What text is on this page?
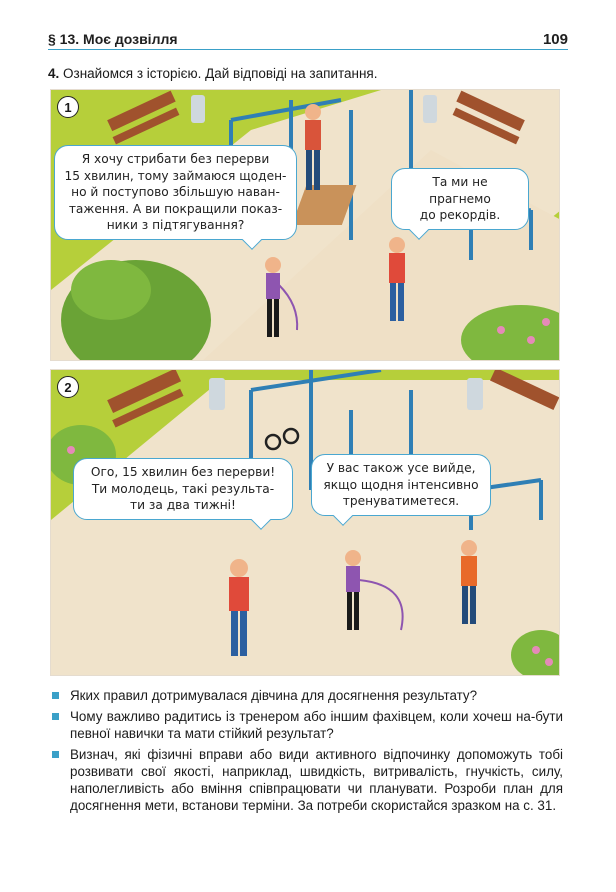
§ 13. Моє дозвілля	109
4. Ознайомся з історією. Дай відповіді на запитання.
1
Я хочу стрибати без перерви
15 хвилин, тому займаюся щоден-
но й поступово збільшую наван-
таження. А ви покращили показ-
ники з підтягування?
Та ми не прагнемо
до рекордів.
2
Ого, 15 хвилин без перерви!
Ти молодець, такі результа-
ти за два тижні!
У вас також усе вийде,
якщо щодня інтенсивно
тренуватиметеся.
Яких правил дотримувалася дівчина для досягнення результату?
Чому важливо радитись із тренером або іншим фахівцем, коли хочеш на-бути певної навички та мати стійкий результат?
Визнач, які фізичні вправи або види активного відпочинку допоможуть тобі розвивати свої якості, наприклад, швидкість, витривалість, гнучкість, силу, наполегливість або вміння співпрацювати чи планувати. Розроби план для досягнення мети, встанови терміни. За потреби скористайся зразком на с. 31.
